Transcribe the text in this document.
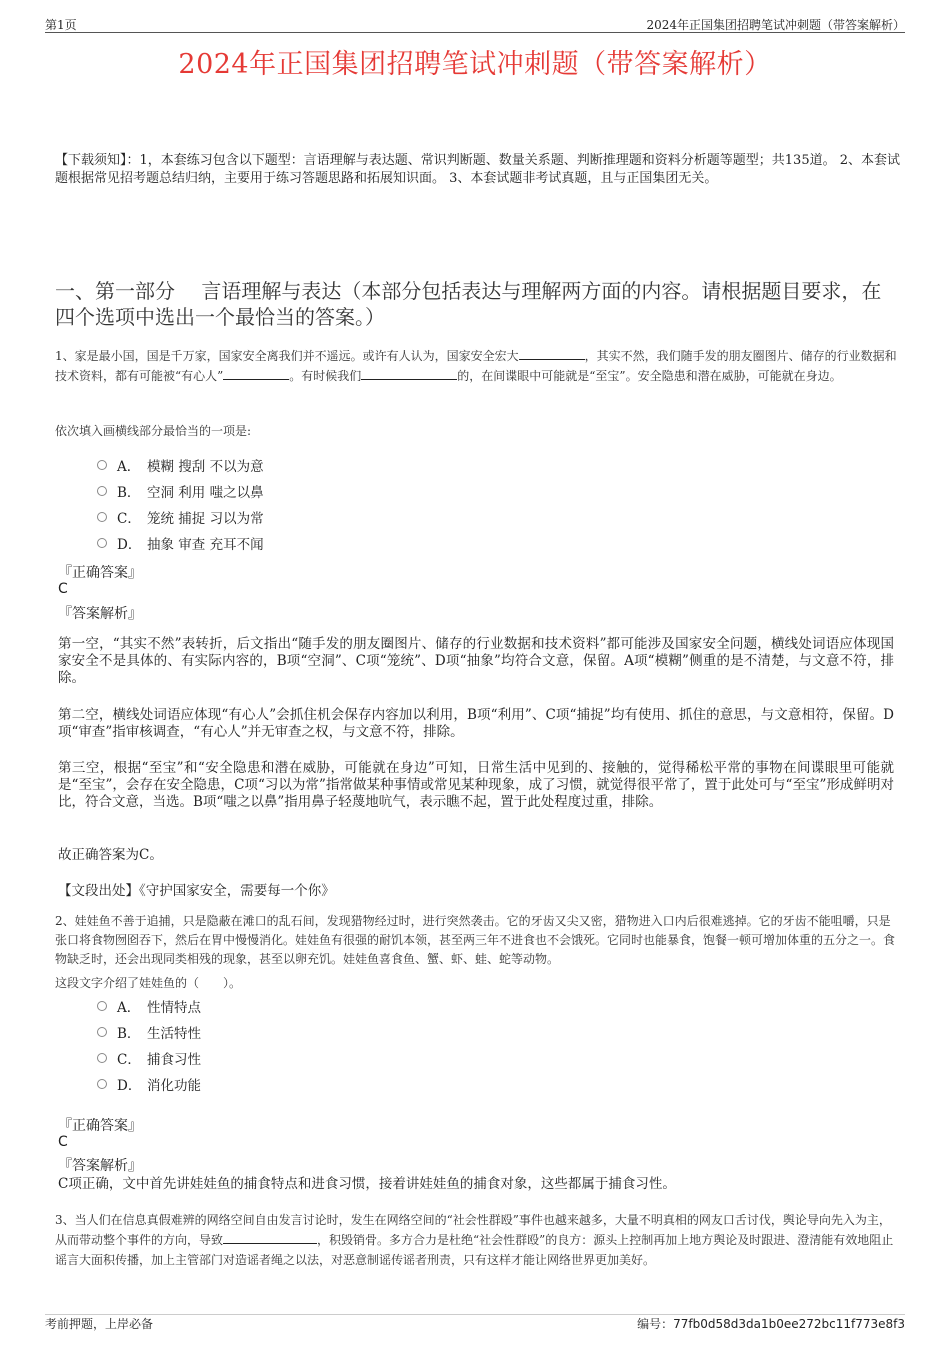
第1页	2024年正国集团招聘笔试冲刺题（带答案解析）
2024年正国集团招聘笔试冲刺题（带答案解析）
【下载须知】：1，本套练习包含以下题型：言语理解与表达题、常识判断题、数量关系题、判断推理题和资料分析题等题型；共135道。 2、本套试题根据常见招考题总结归纳，主要用于练习答题思路和拓展知识面。 3、本套试题非考试真题，且与正国集团无关。
一、第一部分　 言语理解与表达（本部分包括表达与理解两方面的内容。请根据题目要求，在四个选项中选出一个最恰当的答案。）
1、家是最小国，国是千万家，国家安全离我们并不遥远。或许有人认为，国家安全宏大	，其实不然，我们随手发的朋友圈图片、储存的行业数据和技术资料，都有可能被“有心人”	。有时候我们	的，在间谍眼中可能就是“至宝”。安全隐患和潜在威胁，可能就在身边。
依次填入画横线部分最恰当的一项是:
A． 模糊 搜刮 不以为意
B． 空洞 利用 嗤之以鼻
C． 笼统 捕捉 习以为常
D． 抽象 审查 充耳不闻
『正确答案』
C
『答案解析』
第一空，“其实不然”表转折，后文指出“随手发的朋友圈图片、储存的行业数据和技术资料”都可能涉及国家安全问题，横线处词语应体现国家安全不是具体的、有实际内容的，B项“空洞”、C项“笼统”、D项“抽象”均符合文意，保留。A项“模糊”侧重的是不清楚，与文意不符，排除。
第二空，横线处词语应体现“有心人”会抓住机会保存内容加以利用，B项“利用”、C项“捕捉”均有使用、抓住的意思，与文意相符，保留。D项“审查”指审核调查，“有心人”并无审查之权，与文意不符，排除。
第三空，根据“至宝”和“安全隐患和潜在威胁，可能就在身边”可知，日常生活中见到的、接触的，觉得稀松平常的事物在间谍眼里可能就是“至宝”，会存在安全隐患，C项“习以为常”指常做某种事情或常见某种现象，成了习惯，就觉得很平常了，置于此处可与“至宝”形成鲜明对比，符合文意，当选。B项“嗤之以鼻”指用鼻子轻蔑地吭气，表示瞧不起，置于此处程度过重，排除。
故正确答案为C。
【文段出处】《守护国家安全，需要每一个你》
2、娃娃鱼不善于追捕，只是隐蔽在滩口的乱石间，发现猎物经过时，进行突然袭击。它的牙齿又尖又密，猎物进入口内后很难逃掉。它的牙齿不能咀嚼，只是张口将食物囫囵吞下，然后在胃中慢慢消化。娃娃鱼有很强的耐饥本领，甚至两三年不进食也不会饿死。它同时也能暴食，饱餐一顿可增加体重的五分之一。食物缺乏时，还会出现同类相残的现象，甚至以卵充饥。娃娃鱼喜食鱼、蟹、虾、蛙、蛇等动物。
这段文字介绍了娃娃鱼的（　　）。
A． 性情特点
B． 生活特性
C． 捕食习性
D． 消化功能
『正确答案』
C
『答案解析』
C项正确，文中首先讲娃娃鱼的捕食特点和进食习惯，接着讲娃娃鱼的捕食对象，这些都属于捕食习性。
3、当人们在信息真假难辨的网络空间自由发言讨论时，发生在网络空间的“社会性群殴”事件也越来越多，大量不明真相的网友口舌讨伐，舆论导向先入为主，从而带动整个事件的方向，导致	，积毁销骨。多方合力是杜绝“社会性群殴”的良方：源头上控制再加上地方舆论及时跟进、澄清能有效地阻止谣言大面积传播，加上主管部门对造谣者绳之以法，对恶意制谣传谣者刑责，只有这样才能让网络世界更加美好。
考前押题，上岸必备	编号：77fb0d58d3da1b0ee272bc11f773e8f3
